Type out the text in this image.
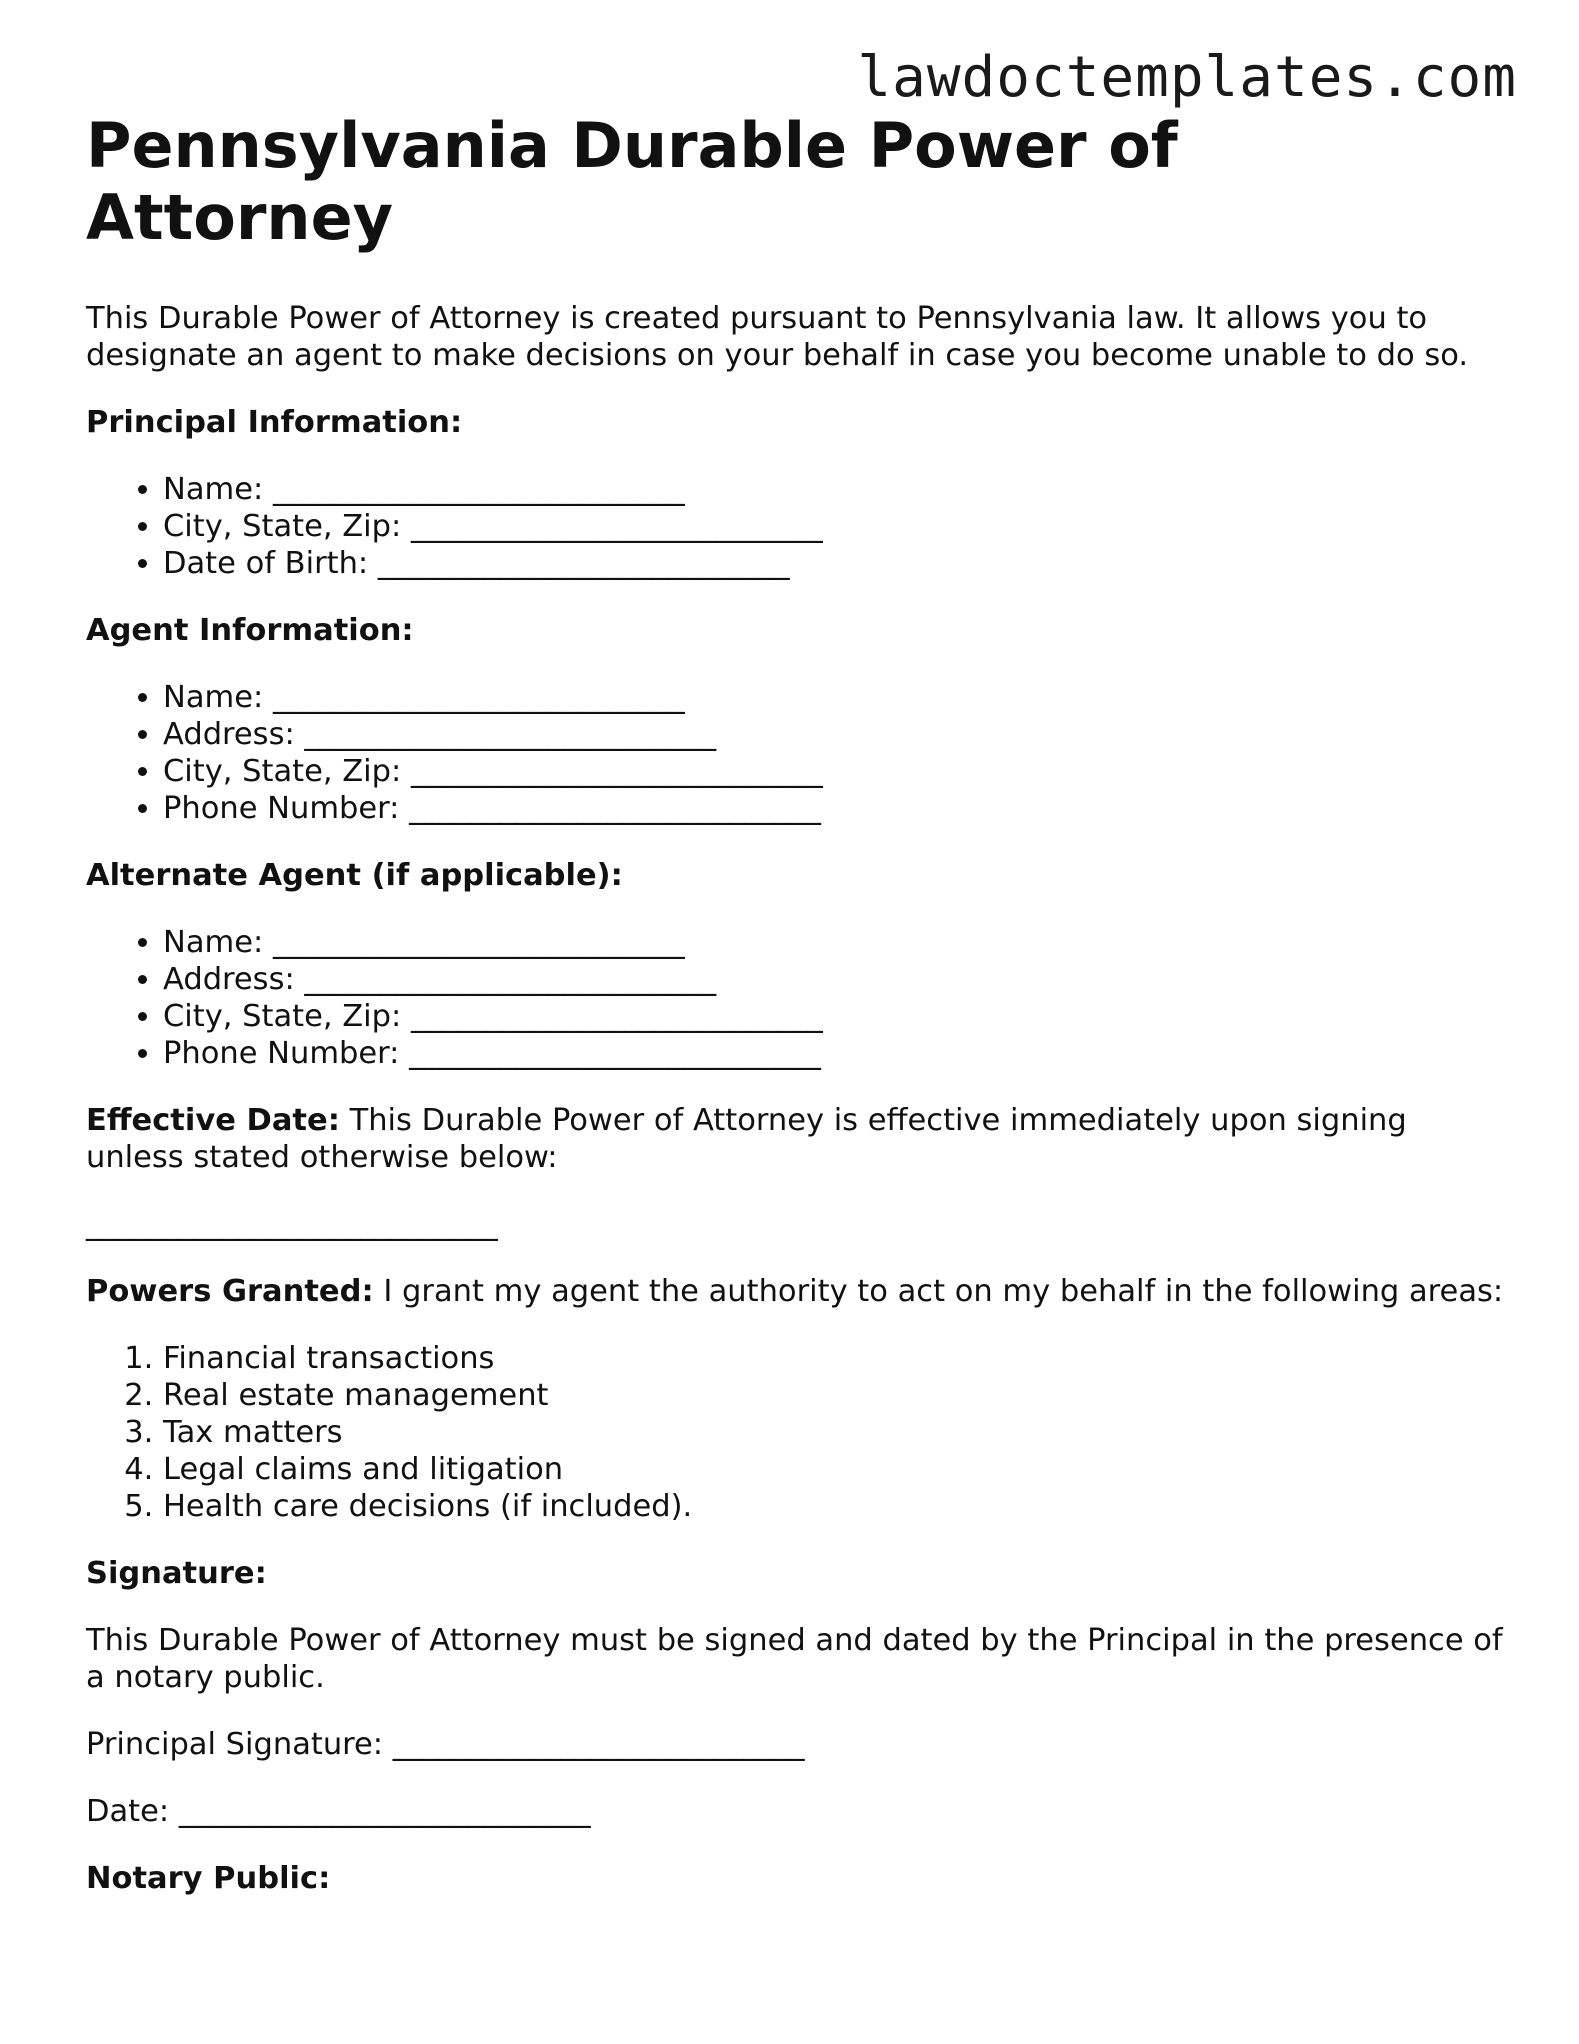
lawdoctemplates.com
Pennsylvania Durable Power of Attorney

This Durable Power of Attorney is created pursuant to Pennsylvania law. It allows you to designate an agent to make decisions on your behalf in case you become unable to do so.

Principal Information:

• Name: ___________________________
• City, State, Zip: ___________________________
• Date of Birth: ___________________________

Agent Information:

• Name: ___________________________
• Address: ___________________________
• City, State, Zip: ___________________________
• Phone Number: ___________________________

Alternate Agent (if applicable):

• Name: ___________________________
• Address: ___________________________
• City, State, Zip: ___________________________
• Phone Number: ___________________________

Effective Date: This Durable Power of Attorney is effective immediately upon signing unless stated otherwise below:

___________________________

Powers Granted: I grant my agent the authority to act on my behalf in the following areas:

1. Financial transactions
2. Real estate management
3. Tax matters
4. Legal claims and litigation
5. Health care decisions (if included).

Signature:

This Durable Power of Attorney must be signed and dated by the Principal in the presence of a notary public.

Principal Signature: ___________________________

Date: ___________________________

Notary Public:
